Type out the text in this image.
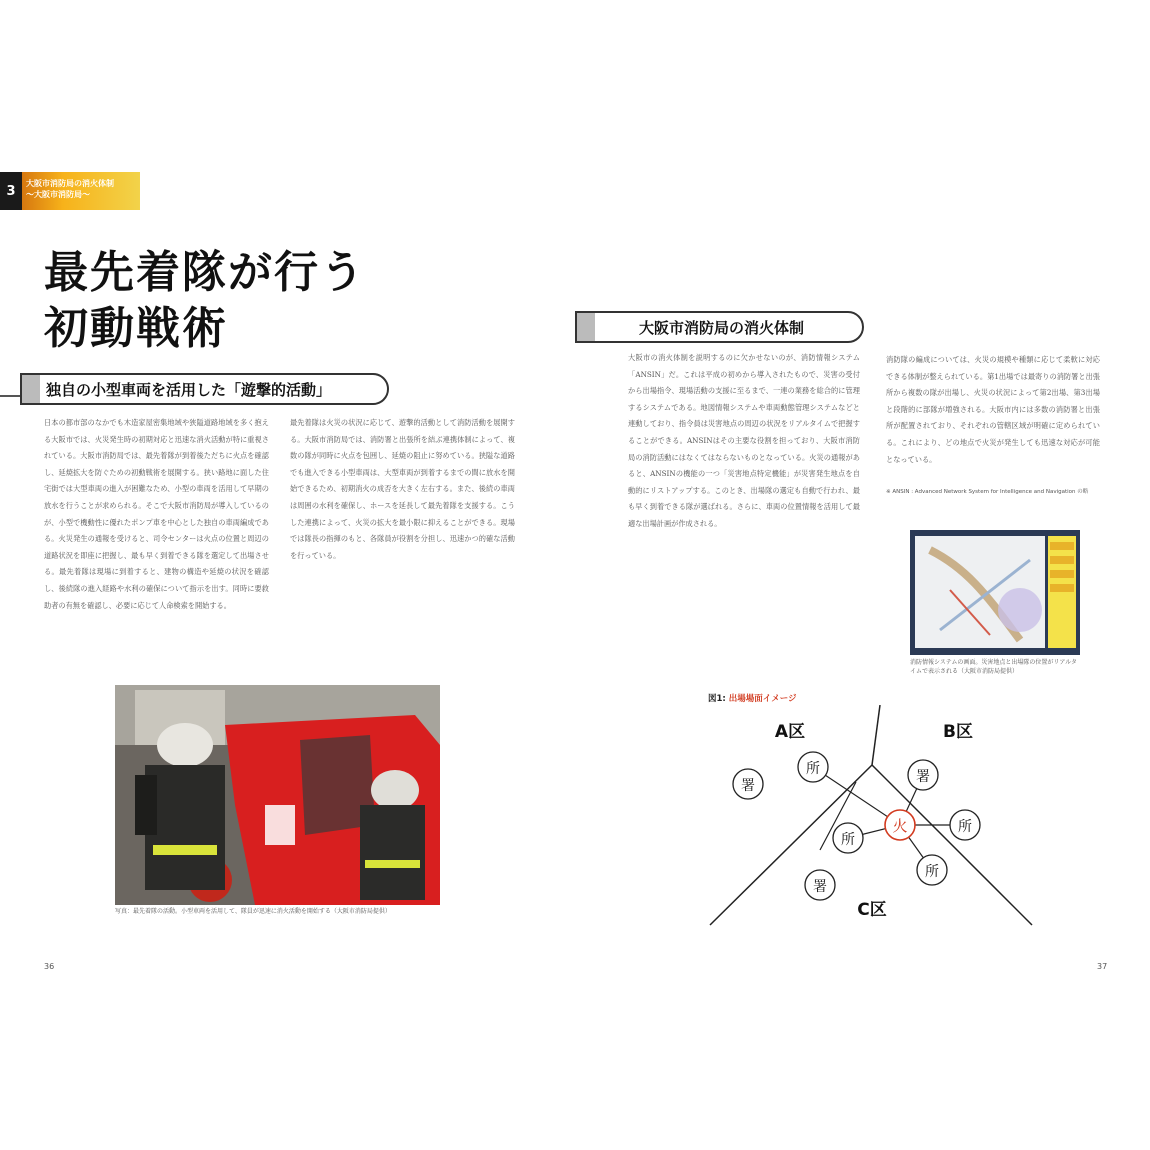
3	大阪市消防局の消火体制
〜大阪市消防局〜
最先着隊が行う
初動戦術
独自の小型車両を活用した「遊撃的活動」
日本の都市部のなかでも木造家屋密集地域や狭隘道路地域を多く抱える大阪市では、火災発生時の初期対応と迅速な消火活動が特に重視されている。大阪市消防局では、最先着隊が到着後ただちに火点を確認し、延焼拡大を防ぐための初動戦術を展開する。狭い路地に面した住宅街では大型車両の進入が困難なため、小型の車両を活用して早期の放水を行うことが求められる。そこで大阪市消防局が導入しているのが、小型で機動性に優れたポンプ車を中心とした独自の車両編成である。火災発生の通報を受けると、司令センターは火点の位置と周辺の道路状況を即座に把握し、最も早く到着できる隊を選定して出場させる。最先着隊は現場に到着すると、建物の構造や延焼の状況を確認し、後続隊の進入経路や水利の確保について指示を出す。同時に要救助者の有無を確認し、必要に応じて人命検索を開始する。
最先着隊は火災の状況に応じて、遊撃的活動として消防活動を展開する。大阪市消防局では、消防署と出張所を結ぶ連携体制によって、複数の隊が同時に火点を包囲し、延焼の阻止に努めている。狭隘な道路でも進入できる小型車両は、大型車両が到着するまでの間に放水を開始できるため、初期消火の成否を大きく左右する。また、後続の車両は周囲の水利を確保し、ホースを延長して最先着隊を支援する。こうした連携によって、火災の拡大を最小限に抑えることができる。現場では隊長の指揮のもと、各隊員が役割を分担し、迅速かつ的確な活動を行っている。
写真：最先着隊の活動。小型車両を活用して、隊員が迅速に消火活動を開始する（大阪市消防局提供）
大阪市消防局の消火体制
大阪市の消火体制を説明するのに欠かせないのが、消防情報システム「ANSIN」だ。これは平成の初めから導入されたもので、災害の受付から出場指令、現場活動の支援に至るまで、一連の業務を総合的に管理するシステムである。地図情報システムや車両動態管理システムなどと連動しており、指令員は災害地点の周辺の状況をリアルタイムで把握することができる。ANSINはその主要な役割を担っており、大阪市消防局の消防活動にはなくてはならないものとなっている。火災の通報があると、ANSINの機能の一つ「災害地点特定機能」が災害発生地点を自動的にリストアップする。このとき、出場隊の選定も自動で行われ、最も早く到着できる隊が選ばれる。さらに、車両の位置情報を活用して最適な出場計画が作成される。
消防隊の編成については、火災の規模や種類に応じて柔軟に対応できる体制が整えられている。第1出場では最寄りの消防署と出張所から複数の隊が出場し、火災の状況によって第2出場、第3出場と段階的に部隊が増強される。大阪市内には多数の消防署と出張所が配置されており、それぞれの管轄区域が明確に定められている。これにより、どの地点で火災が発生しても迅速な対応が可能となっている。
※ ANSIN : Advanced Network System for Intelligence and Navigation の略
消防情報システムの画面。災害地点と出場隊の位置がリアルタイムで表示される（大阪市消防局提供）
図1: 出場場面イメージ
A区	B区
C区
署
所	署
所
所
所
署
火
36	37
